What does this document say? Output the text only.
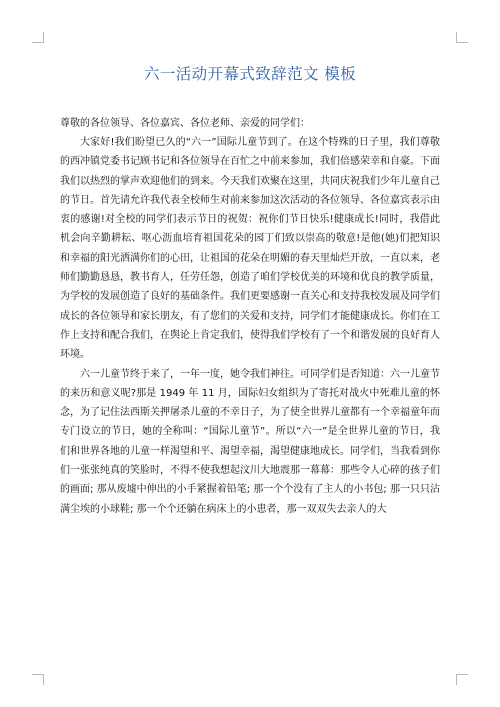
六一活动开幕式致辞范文 模板

尊敬的各位领导、各位嘉宾、各位老师、亲爱的同学们：

大家好!我们盼望已久的“六一”国际儿童节到了。在这个特殊的日子里，我们尊敬的西冲镇党委书记顾书记和各位领导在百忙之中前来参加，我们倍感荣幸和自豪。下面我们以热烈的掌声欢迎他们的到来。今天我们欢聚在这里，共同庆祝我们少年儿童自己的节日。首先请允许我代表全校师生对前来参加这次活动的各位领导、各位嘉宾表示由衷的感谢!对全校的同学们表示节日的祝贺：祝你们节日快乐!健康成长!同时，我借此机会向辛勤耕耘、呕心沥血培育祖国花朵的园丁们致以崇高的敬意!是他(她)们把知识和幸福的阳光洒满你们的心田，让祖国的花朵在明媚的春天里灿烂开放，一直以来，老师们勤勤恳恳，教书育人，任劳任怨，创造了咱们学校优美的环境和优良的教学质量，为学校的发展创造了良好的基础条件。我们更要感谢一直关心和支持我校发展及同学们成长的各位领导和家长朋友，有了您们的关爱和支持，同学们才能健康成长。你们在工作上支持和配合我们，在舆论上肯定我们，使得我们学校有了一个和谐发展的良好育人环境。

六一儿童节终于来了，一年一度，她令我们神往。可同学们是否知道：六一儿童节的来历和意义呢?那是 1949 年 11 月，国际妇女组织为了寄托对战火中死难儿童的怀念，为了记住法西斯关押屠杀儿童的不幸日子，为了使全世界儿童都有一个幸福童年而专门设立的节日，她的全称叫：“国际儿童节”。所以“六一”是全世界儿童的节日，我们和世界各地的儿童一样渴望和平、渴望幸福，渴望健康地成长。同学们，当我看到你们一张张纯真的笑脸时，不得不使我想起汶川大地震那一幕幕：那些令人心碎的孩子们的画面; 那从废墟中伸出的小手紧握着铅笔; 那一个个没有了主人的小书包; 那一只只沾满尘埃的小球鞋; 那一个个还躺在病床上的小患者，那一双双失去亲人的大
